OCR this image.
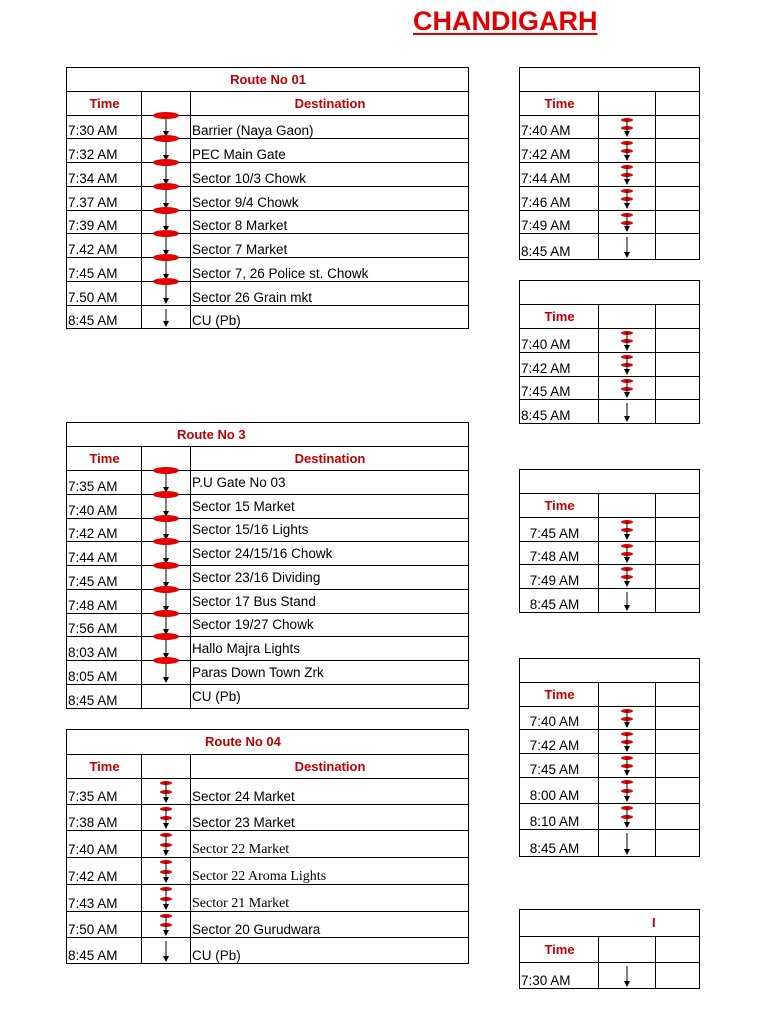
CHANDIGARH
Route No 01		
Time		Destination
7:30 AM		Barrier (Naya Gaon)
7:32 AM		PEC Main Gate
7:34 AM		Sector 10/3 Chowk
7.37 AM		Sector 9/4 Chowk
7:39 AM		Sector 8 Market
7.42 AM		Sector 7 Market
7:45 AM		Sector 7, 26 Police st. Chowk
7.50 AM		Sector 26 Grain mkt
8:45 AM		CU (Pb)
Route No 3		
Time		Destination
7:35 AM		P.U Gate No 03
7:40 AM		Sector 15 Market
7:42 AM		Sector 15/16 Lights
7:44 AM		Sector 24/15/16 Chowk
7:45 AM		Sector 23/16 Dividing
7:48 AM		Sector 17 Bus Stand
7:56 AM		Sector 19/27 Chowk
8:03 AM		Hallo Majra Lights
8:05 AM		Paras Down Town Zrk
8:45 AM		CU (Pb)
Route No 04		
Time		Destination
7:35 AM		Sector 24 Market
7:38 AM		Sector 23 Market
7:40 AM		Sector 22 Market
7:42 AM		Sector 22 Aroma Lights
7:43 AM		Sector 21 Market
7:50 AM		Sector 20 Gurudwara
8:45 AM		CU (Pb)

Time		
7:40 AM	

7:42 AM	

7:44 AM	

7:46 AM	

7:49 AM	

8:45 AM	

Time		
7:40 AM	

7:42 AM	

7:45 AM	

8:45 AM	

Time		
7:45 AM	

7:48 AM	

7:49 AM	

8:45 AM	

Time		
7:40 AM	

7:42 AM	

7:45 AM	

8:00 AM	

8:10 AM	

8:45 AM	

I		
Time		
7:30 AM	
